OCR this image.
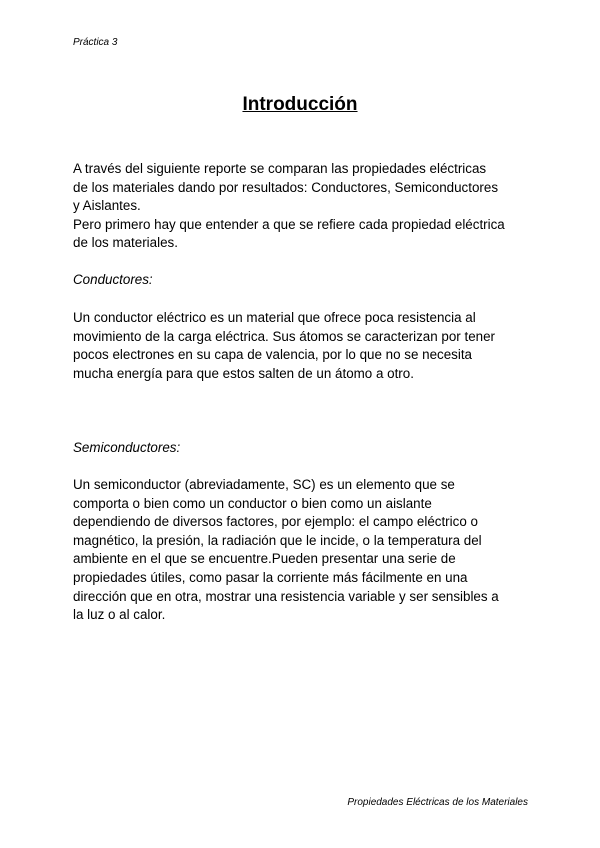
Práctica 3

Introducción
A través del siguiente reporte se comparan las propiedades eléctricas
de los materiales dando por resultados: Conductores, Semiconductores
y Aislantes.
Pero primero hay que entender a que se refiere cada propiedad eléctrica
de los materiales.

Conductores:

Un conductor eléctrico es un material que ofrece poca resistencia al
movimiento de la carga eléctrica. Sus átomos se caracterizan por tener
pocos electrones en su capa de valencia, por lo que no se necesita
mucha energía para que estos salten de un átomo a otro.

Semiconductores:

Un semiconductor (abreviadamente, SC) es un elemento que se
comporta o bien como un conductor o bien como un aislante
dependiendo de diversos factores, por ejemplo: el campo eléctrico o
magnético, la presión, la radiación que le incide, o la temperatura del
ambiente en el que se encuentre.Pueden presentar una serie de
propiedades útiles, como pasar la corriente más fácilmente en una
dirección que en otra, mostrar una resistencia variable y ser sensibles a
la luz o al calor.

Propiedades Eléctricas de los Materiales
